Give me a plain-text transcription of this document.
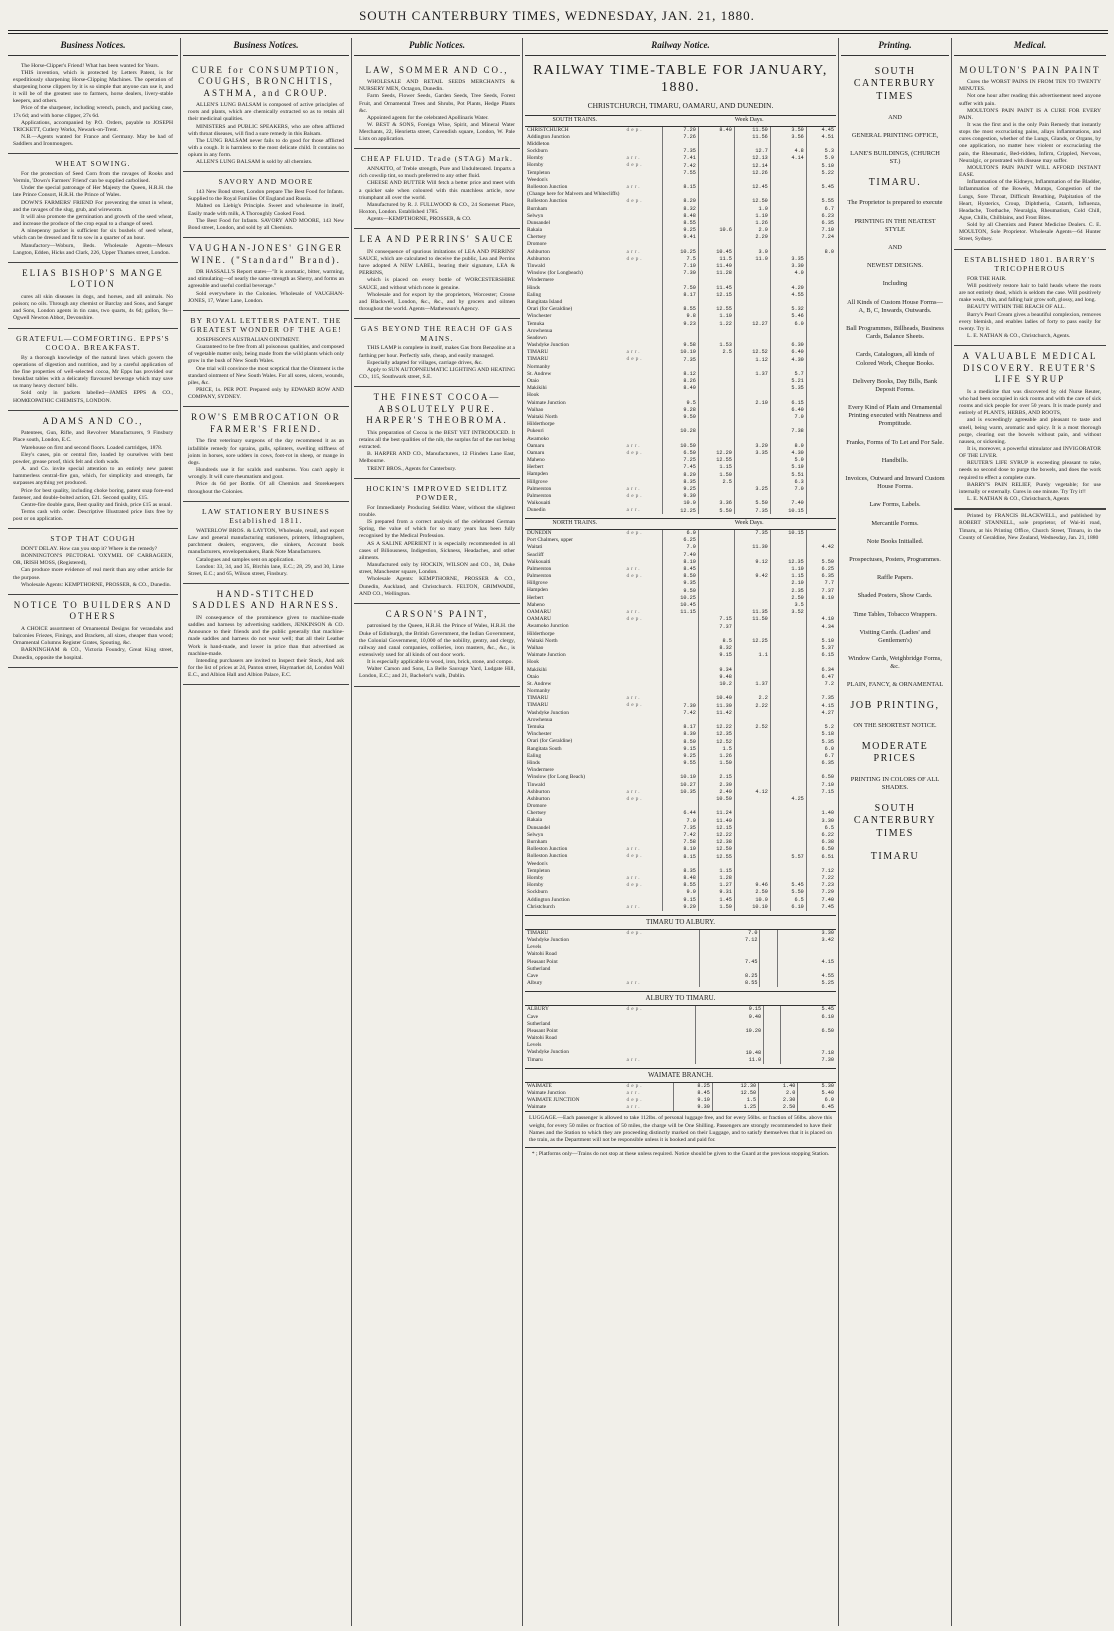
SOUTH CANTERBURY TIMES, WEDNESDAY, JAN. 21, 1880.
Business Notices.

The Horse-Clipper's Friend! What has been wanted for Years.

THIS invention, which is protected by Letters Patent, is for expeditiously sharpening Horse-Clipping Machines. The operation of sharpening horse clippers by it is so simple that anyone can use it, and it will be of the greatest use to farmers, horse dealers, livery-stable keepers, and others.

Price of the sharpener, including wrench, punch, and packing case, 17s 6d; and with horse clipper, 27s 6d.

Applications, accompanied by P.O. Orders, payable to JOSEPH TRICKETT, Cutlery Works, Newark-on-Trent.

N.B.—Agents wanted for France and Germany. May be had of Saddlers and Ironmongers.

WHEAT SOWING.

For the protection of Seed Corn from the ravages of Rooks and Vermin, 'Down's Farmers' Friend' can be supplied carbolised.

Under the special patronage of Her Majesty the Queen, H.R.H. the late Prince Consort, H.R.H. the Prince of Wales.

DOWN'S FARMERS' FRIEND For preventing the smut in wheat, and the ravages of the slug, grub, and wireworm.

It will also promote the germination and growth of the seed wheat, and increase the produce of the crop equal to a change of seed.

A ninepenny packet is sufficient for six bushels of seed wheat, which can be dressed and fit to sow in a quarter of an hour.

Manufactory—Woburn, Beds. Wholesale Agents—Messrs Langton, Edden, Hicks and Clark, 226, Upper Thames street, London.

ELIAS BISHOP'S MANGE LOTION

cures all skin diseases in dogs, and horses, and all animals. No poison; no oils. Through any chemist or Barclay and Sons, and Sanger and Sons, London agents in tin cans, two quarts, 4s 6d; gallon, 9s—Ogwell Newton Abbot, Devonshire.

GRATEFUL—COMFORTING. EPPS'S COCOA. BREAKFAST.

By a thorough knowledge of the natural laws which govern the operations of digestion and nutrition, and by a careful application of the fine properties of well-selected cocoa, Mr Epps has provided our breakfast tables with a delicately flavoured beverage which may save us many heavy doctors' bills.

Sold only in packets labelled—JAMES EPPS & CO., HOMŒOPATHIC CHEMISTS, LONDON.

ADAMS AND CO.,

Patentees, Gun, Rifle, and Revolver Manufacturers, 9 Finsbury Place south, London, E.C.

Warehouse on first and second floors. Loaded cartridges, 1878.

Eley's cases, pin or central fire, loaded by ourselves with best powder, grease proof, thick felt and cloth wads.

A. and Co. invite special attention to an entirely new patent hammerless central-fire gun, which, for simplicity and strength, far surpasses anything yet produced.

Price for best quality, including choke boring, patent snap fore-end fastener, and double-bolted action, £21. Second quality, £15.

Centre-fire double guns, Best quality and finish, price £15 as usual.

Terms cash with order. Descriptive Illustrated price lists free by post or on application.

STOP THAT COUGH

DON'T DELAY. How can you stop it? Where is the remedy?

BONNINGTON'S PECTORAL 'OXYMEL OF CARRAGEEN, OR, IRISH MOSS, (Registered),

Can produce more evidence of real merit than any other article for the purpose.

Wholesale Agents: KEMPTHORNE, PROSSER, & CO., Dunedin.

NOTICE TO BUILDERS AND OTHERS

A CHOICE assortment of Ornamental Designs for verandahs and balconies Friezes, Finings, and Brackets, all sizes, cheaper than wood; Ornamental Columns Register Grates, Spouting, &c.

BARNINGHAM & CO., Victoria Foundry, Great King street, Dunedin, opposite the hospital.

Business Notices.
CURE for CONSUMPTION, COUGHS, BRONCHITIS, ASTHMA, and CROUP.

ALLEN'S LUNG BALSAM is composed of active principles of roots and plants, which are chemically extracted so as to retain all their medicinal qualities.

MINISTERS and PUBLIC SPEAKERS, who are often afflicted with throat diseases, will find a sure remedy in this Balsam.

The LUNG BALSAM never fails to do good for those afflicted with a cough. It is harmless to the most delicate child. It contains no opium in any form.

ALLEN'S LUNG BALSAM is sold by all chemists.

SAVORY AND MOORE

143 New Bond street, London prepare The Best Food for Infants. Supplied to the Royal Families Of England and Russia.

Malted on Liebig's Principle. Sweet and wholesome in itself, Easily made with milk, A Thoroughly Cooked Food.

The Best Food for Infants. SAVORY AND MOORE, 143 New Bond street, London, and sold by all Chemists.

VAUGHAN-JONES' GINGER WINE. ("Standard" Brand).

DR HASSALL'S Report states—"It is aromatic, bitter, warming, and stimulating—of nearly the same strength as Sherry, and forms an agreeable and useful cordial beverage."

Sold everywhere in the Colonies. Wholesale of VAUGHAN-JONES, 17, Water Lane, London.

BY ROYAL LETTERS PATENT. THE GREATEST WONDER OF THE AGE!

JOSEPHSON'S AUSTRALIAN OINTMENT.

Guaranteed to be free from all poisonous qualities, and composed of vegetable matter only, being made from the wild plants which only grow in the bush of New South Wales.

One trial will convince the most sceptical that the Ointment is the standard ointment of New South Wales. For all sores, ulcers, wounds, piles, &c.

PRICE, 1s. PER POT. Prepared only by EDWARD ROW AND COMPANY, SYDNEY.

ROW'S EMBROCATION OR FARMER'S FRIEND.

The first veterinary surgeons of the day recommend it as an infallible remedy for sprains, galls, splinters, swelling stiffness of joints in horses, sore udders in cows, foot-rot in sheep, or mange in dogs.

Hundreds use it for scalds and sunburns. You can't apply it wrongly. It will cure rheumatism and gout.

Price 4s 6d per Bottle. Of all Chemists and Storekeepers throughout the Colonies.

LAW STATIONERY BUSINESS Established 1811.

WATERLOW BROS. & LAYTON, Wholesale, retail, and export Law and general manufacturing stationers, printers, lithographers, parchment dealers, engravers, die sinkers, Account book manufacturers, envelopemakers, Bank Note Manufacturers.

Catalogues and samples sent on application.

London: 33, 34, and 35, Birchin lane, E.C.; 28, 29, and 30, Lime Street, E.C.; and 65, Wilson street, Finsbury.

HAND-STITCHED SADDLES AND HARNESS.

IN consequence of the prominence given to machine-made saddles and harness by advertising saddlers, JENKINSON & CO. Announce to their friends and the public generally that machine-made saddles and harness do not wear well; that all their Leather Work is hand-made, and lower in price than that advertised as machine-made.

Intending purchasers are invited to Inspect their Stock, And ask for the list of prices at 24, Panton street, Haymarket 44, London Wall E.C., and Albion Hall and Albion Palace, E.C.

Public Notices.
LAW, SOMMER AND CO.,

WHOLESALE AND RETAIL SEEDS MERCHANTS & NURSERY MEN, Octagon, Dunedin.

Farm Seeds, Flower Seeds, Garden Seeds, Tree Seeds, Forest Fruit, and Ornamental Trees and Shrubs, Pot Plants, Hedge Plants &c.

Appointed agents for the celebrated Apollinaris Water.

W. BEST & SONS, Foreign Wine, Spirit, and Mineral Water Merchants, 22, Henrietta street, Cavendish square, London, W. Pale Lists on application.

CHEAP FLUID. Trade (STAG) Mark.

ANNATTO, of Treble strength, Pure and Undulterated. Imparts a rich cowslip tint, so much preferred to any other fluid.

CHEESE AND BUTTER Will fetch a better price and meet with a quicker sale when coloured with this matchless article, now triumphant all over the world.

Manufactured by R. J. FULLWOOD & CO., 24 Somerset Place, Hoxton, London. Established 1785.

Agents—KEMPTHORNE, PROSSER, & CO.

LEA AND PERRINS' SAUCE

IN consequence of spurious imitations of LEA AND PERRINS' SAUCE, which are calculated to deceive the public, Lea and Perrins have adopted A NEW LABEL, bearing their signature, LEA & PERRINS,

which is placed on every bottle of WORCESTERSHIRE SAUCE, and without which none is genuine.

Wholesale and for export by the proprietors, Worcester; Crosse and Blackwell, London, &c., &c., and by grocers and oilmen throughout the world. Agents—Mathewson's Agency.

GAS BEYOND THE REACH OF GAS MAINS.

THIS LAMP is complete in itself, makes Gas from Benzoline at a farthing per hour. Perfectly safe, cheap, and easily managed.

Especially adapted for villages, carriage drives, &c.

Apply to SUN AUTOPNEUMATIC LIGHTING AND HEATING CO., 115, Southwark street, S.E.

THE FINEST COCOA—ABSOLUTELY PURE. HARPER'S THEOBROMA.

This preparation of Cocoa is the BEST YET INTRODUCED. It retains all the best qualities of the nib, the surplus fat of the nut being extracted.

B. HARPER AND CO., Manufacturers, 12 Flinders Lane East, Melbourne.

TRENT BROS., Agents for Canterbury.

HOCKIN'S IMPROVED SEIDLITZ POWDER,

For Immediately Producing Seidlitz Water, without the slightest trouble.

IS prepared from a correct analysis of the celebrated German Spring, the value of which for so many years has been fully recognised by the Medical Profession.

AS A SALINE APERIENT it is especially recommended in all cases of Biliousness, Indigestion, Sickness, Headaches, and other ailments.

Manufactured only by HOCKIN, WILSON and CO., 38, Duke street, Manchester square, London.

Wholesale Agents: KEMPTHORNE, PROSSER & CO., Dunedin, Auckland, and Christchurch. FELTON, GRIMWADE, AND CO., Wellington.

CARSON'S PAINT,

patronised by the Queen, H.R.H. the Prince of Wales, H.R.H. the Duke of Edinburgh, the British Government, the Indian Government, the Colonial Government, 10,000 of the nobility, gentry, and clergy, railway and canal companies, collieries, iron masters, &c., &c., is extensively used for all kinds of out door work.

It is especially applicable to wood, iron, brick, stone, and compo.

Walter Carson and Sons, La Belle Sauvage Yard, Ludgate Hill, London, E.C.; and 21, Bachelor's walk, Dublin.

Railway Notice.
RAILWAY TIME-TABLE FOR JANUARY, 1880.
CHRISTCHURCH, TIMARU, OAMARU, AND DUNEDIN.
SOUTH TRAINS.		Week Days.				
CHRISTCHURCH	dep.	7.20	8.40	11.50	3.50	4.45
Addington Junction		7.26		11.56	3.56	4.51
Middleton						
Sockburn		7.35		12.7	4.8	5.3
Hornby	arr.	7.41		12.13	4.14	5.9
Hornby	dep.	7.42		12.14		5.10
Templeton		7.55		12.26		5.22
Weedon's						
Rolleston Junction	arr.	8.15		12.45		5.45
(Change here for Malvern and Whitecliffs)						
Rolleston Junction	dep.	8.20		12.50		5.55
Burnham		8.32		1.0		6.7
Selwyn		8.48		1.19		6.23
Dunsandel		8.55		1.26		6.35
Rakaia		9.25	10.6	2.0		7.10
Chertsey		9.41		2.29		7.24
Dromore						
Ashburton	arr.	10.25	10.45	3.0		8.0
Ashburton	dep.	7.5	11.5	11.0	3.35	
Tinwald		7.10	11.40		3.30	
Winslow (for Longbeach)		7.30	11.28		4.0	
Windermere						
Hinds		7.50	11.45		4.20	
Ealing		8.17	12.15		4.55	
Rangitata Island						
Orari (for Geraldine)		8.55	12.55		5.32	
Winchester		9.8	1.10		5.46	
Temuka		9.23	1.22	12.27	6.0	
Arowhenua						
Seadown						
Washdyke Junction		9.58	1.53		6.30	
TIMARU	arr.	10.10	2.5	12.52	6.40	
TIMARU	dep.	7.35		1.12	4.30	
Normanby						
St. Andrew		8.12		1.37	5.7	
Otaio		8.26			5.21	
Makikihi		8.40			5.35	
Hook						
Waimate Junction		9.5		2.10	6.15	
Waihao		9.28			6.40	
Waitaki North		9.50			7.0	
Hilderthorpe						
Pukeuri		10.28			7.38	
Awamoko						
Oamaru	arr.	10.50		3.20	8.0	
Oamaru	dep.	6.50	12.20	3.35	4.30	
Maheno		7.25	12.55		5.0	
Herbert		7.45	1.15		5.19	
Hampden		8.20	1.50		5.51	
Hillgrove		8.35	2.5		6.3	
Palmerston	arr.	9.25		3.25	7.0	
Palmerston	dep.	9.30				
Waikouaiti		10.0	3.36	5.50	7.40	
Dunedin	arr.	12.25	5.50	7.35	10.15	
NORTH TRAINS.		Week Days.				
DUNEDIN	dep.	6.0		7.35	10.15	
Port Chalmers, upper		6.25				
Waitati		7.0		11.30		4.42
Seacliff		7.40				
Waikouaiti		8.10		9.12	12.35	5.50
Palmerston	arr.	8.45			1.10	6.25
Palmerston	dep.	8.50		9.42	1.15	6.35
Hillgrove		9.35			2.10	7.7
Hampden		9.50			2.35	7.37
Herbert		10.25			2.50	8.10
Maheno		10.45			3.5	
OAMARU	arr.	11.15		11.35	3.52	
OAMARU	dep.		7.15	11.50		4.10
Awamoko Junction			7.37			4.34
Hilderthorpe						
Waitaki North			8.5	12.25		5.10
Waihao			8.32			5.37
Waimate Junction			9.15	1.1		6.15
Hook						
Makikihi			9.34			6.34
Otaio			9.48			6.47
St. Andrew			10.2	1.37		7.2
Normanby						
TIMARU	arr.		10.40	2.2		7.35
TIMARU	dep.	7.30	11.30	2.22		4.15
Washdyke Junction		7.42	11.42			4.27
Arowhenua						
Temuka		8.17	12.22	2.52		5.2
Winchester		8.30	12.35			5.18
Orari (for Geraldine)		8.50	12.52			5.35
Rangitata South		9.15	1.5			6.0
Ealing		9.25	1.26			6.7
Hinds		9.55	1.50			6.35
Windermere						
Winslow (for Long Beach)		10.10	2.15			6.50
Tinwald		10.27	2.30			7.10
Ashburton	arr.	10.35	2.40	4.12		7.15
Ashburton	dep.		10.50		4.25	
Dromore						
Chertsey		6.44	11.24			1.40
Rakaia		7.0	11.40			3.30
Dunsandel		7.35	12.15			6.5
Selwyn		7.42	12.22			6.22
Burnham		7.58	12.38			6.38
Rolleston Junction	arr.	8.10	12.50			6.50
Rolleston Junction	dep.	8.15	12.55		5.57	6.51
Weedon's						
Templeton		8.35	1.15			7.12
Hornby	arr.	8.48	1.28			7.22
Hornby	dep.	8.55	1.27	9.46	5.45	7.23
Sockburn		9.0	9.31	2.50	5.50	7.29
Addington Junction		9.15	1.45	10.0	6.5	7.40
Christchurch	arr.	9.20	1.50	10.10	6.10	7.45
TIMARU TO ALBURY.
TIMARU	dep.	7.0		3.30
Washdyke Junction		7.12		3.42
Levels				
Waitohi Road				
Pleasant Point		7.45		4.15
Sutherland				
Cave		8.25		4.55
Albury	arr.	8.55		5.25
ALBURY TO TIMARU.
ALBURY	dep.	9.15		5.45
Cave		9.40		6.10
Sutherland				
Pleasant Point		10.20		6.50
Waitohi Road				
Levels				
Washdyke Junction		10.48		7.18
Timaru	arr.	11.0		7.30
WAIMATE BRANCH.
WAIMATE	dep.	8.25	12.30	1.40	5.30
Waimate Junction	arr.	8.45	12.50	2.0	5.40
WAIMATE JUNCTION	dep.	9.10	1.5	2.30	6.0
Waimate	arr.	9.30	1.25	2.50	6.45
LUGGAGE.—Each passenger is allowed to take 112lbs. of personal luggage free, and for every 56lbs. or fraction of 56lbs. above this weight, for every 50 miles or fraction of 50 miles, the charge will be One Shilling. Passengers are strongly recommended to have their Names and the Station to which they are proceeding distinctly marked on their Luggage, and to satisfy themselves that it is placed on the train, as the Department will not be responsible unless it is booked and paid for.
* ; Platforms only—Trains do not stop at these unless required. Notice should be given to the Guard at the previous stopping Station.
Printing.

SOUTH CANTERBURY TIMES

AND

GENERAL PRINTING OFFICE,

LANE'S BUILDINGS, (CHURCH ST.)

TIMARU.

The Proprietor is prepared to execute

PRINTING IN THE NEATEST STYLE

AND

NEWEST DESIGNS.

Including

All Kinds of Custom House Forms—A, B, C, Inwards, Outwards.

Ball Programmes, Billheads, Business Cards, Balance Sheets.

Cards, Catalogues, all kinds of Colored Work, Cheque Books.

Delivery Books, Day Bills, Bank Deposit Forms.

Every Kind of Plain and Ornamental Printing executed with Neatness and Promptitude.

Franks, Forms of To Let and For Sale.

Handbills.

Invoices, Outward and Inward Custom House Forms.

Law Forms, Labels.

Mercantile Forms.

Note Books Initialled.

Prospectuses, Posters, Programmes.

Raffle Papers.

Shaded Posters, Show Cards.

Time Tables, Tobacco Wrappers.

Visiting Cards. (Ladies' and Gentlemen's)

Window Cards, Weighbridge Forms, &c.

PLAIN, FANCY, & ORNAMENTAL

JOB PRINTING,

ON THE SHORTEST NOTICE.

MODERATE PRICES

PRINTING IN COLORS OF ALL SHADES.

SOUTH CANTERBURY TIMES

TIMARU

Medical.
MOULTON'S PAIN PAINT

Cures the WORST PAINS IN FROM TEN TO TWENTY MINUTES.

Not one hour after reading this advertisement need anyone suffer with pain.

MOULTON'S PAIN PAINT IS A CURE FOR EVERY PAIN.

It was the first and is the only Pain Remedy that instantly stops the most excruciating pains, allays inflammations, and cures congestion, whether of the Lungs, Glands, or Organs, by one application, no matter how violent or excruciating the pain, the Rheumatic, Bed-ridden, Infirm, Crippled, Nervous, Neuralgic, or prostrated with disease may suffer.

MOULTON'S PAIN PAINT WILL AFFORD INSTANT EASE.

Inflammation of the Kidneys, Inflammation of the Bladder, Inflammation of the Bowels, Mumps, Congestion of the Lungs, Sore Throat, Difficult Breathing, Palpitation of the Heart, Hysterics, Croup, Diphtheria, Catarrh, Influenza, Headache, Toothache, Neuralgia, Rheumatism, Cold Chill, Ague, Chills, Chilblains, and Frost Bites.

Sold by all Chemists and Patent Medicine Dealers. C. E. MOULTON, Sole Proprietor. Wholesale Agents—64 Hunter Street, Sydney.

ESTABLISHED 1801. BARRY'S TRICOPHEROUS

FOR THE HAIR.

Will positively restore hair to bald heads where the roots are not entirely dead, which is seldom the case. Will positively make weak, thin, and falling hair grow soft, glossy, and long.

BEAUTY WITHIN THE REACH OF ALL.

Barry's Pearl Cream gives a beautiful complexion, removes every blemish, and enables ladies of forty to pass easily for twenty. Try it.

L. E. NATHAN & CO., Christchurch, Agents.

A VALUABLE MEDICAL DISCOVERY. REUTER'S LIFE SYRUP

Is a medicine that was discovered by old Nurse Reuter, who had been occupied in sick rooms and with the care of sick rooms and sick people for over 50 years. It is made purely and entirely of PLANTS, HERBS, AND ROOTS,

and is exceedingly agreeable and pleasant to taste and smell, being warm, aromatic and spicy. It is a most thorough purge, clearing out the bowels without pain, and without nausea, or sickening.

It is, moreover, a powerful stimulator and INVIGORATOR OF THE LIVER.

REUTER'S LIFE SYRUP is exceeding pleasant to take, needs no second dose to purge the bowels, and does the work required to effect a complete cure.

BARRY'S PAIN RELIEF, Purely vegetable; for use internally or externally. Cures in one minute. Try Try it!!

L. E. NATHAN & CO., Christchurch, Agents

Printed by FRANCIS BLACKWELL, and published by ROBERT STANNELL, sole proprietor, of Wai-iti road, Timaru, at his Printing Office, Church Street, Timaru, in the County of Geraldine, New Zealand, Wednesday, Jan. 21, 1880
